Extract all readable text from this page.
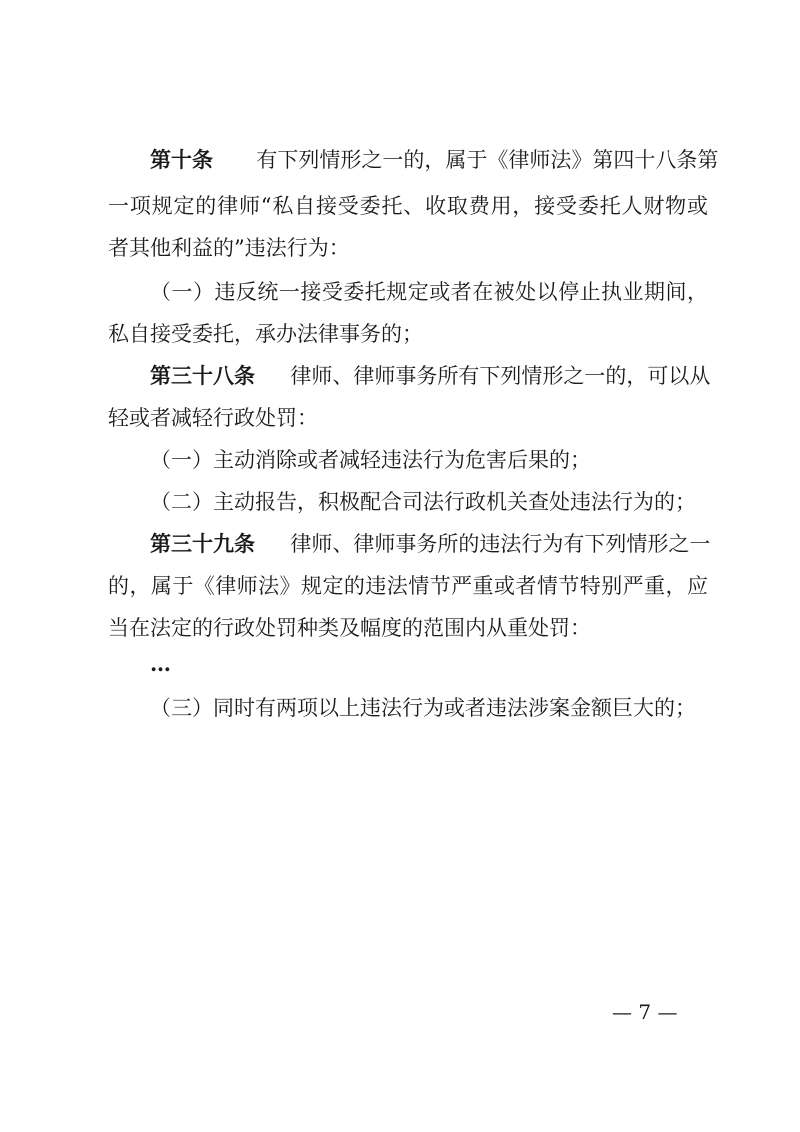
第十条 有下列情形之一的，属于《律师法》第四十八条第
一项规定的律师“私自接受委托、收取费用，接受委托人财物或
者其他利益的”违法行为：
（一）违反统一接受委托规定或者在被处以停止执业期间，
私自接受委托，承办法律事务的；
第三十八条 律师、律师事务所有下列情形之一的，可以从
轻或者减轻行政处罚：
（一）主动消除或者减轻违法行为危害后果的；
（二）主动报告，积极配合司法行政机关查处违法行为的；
第三十九条 律师、律师事务所的违法行为有下列情形之一
的，属于《律师法》规定的违法情节严重或者情节特别严重，应
当在法定的行政处罚种类及幅度的范围内从重处罚：
…
（三）同时有两项以上违法行为或者违法涉案金额巨大的；
— 7 —
